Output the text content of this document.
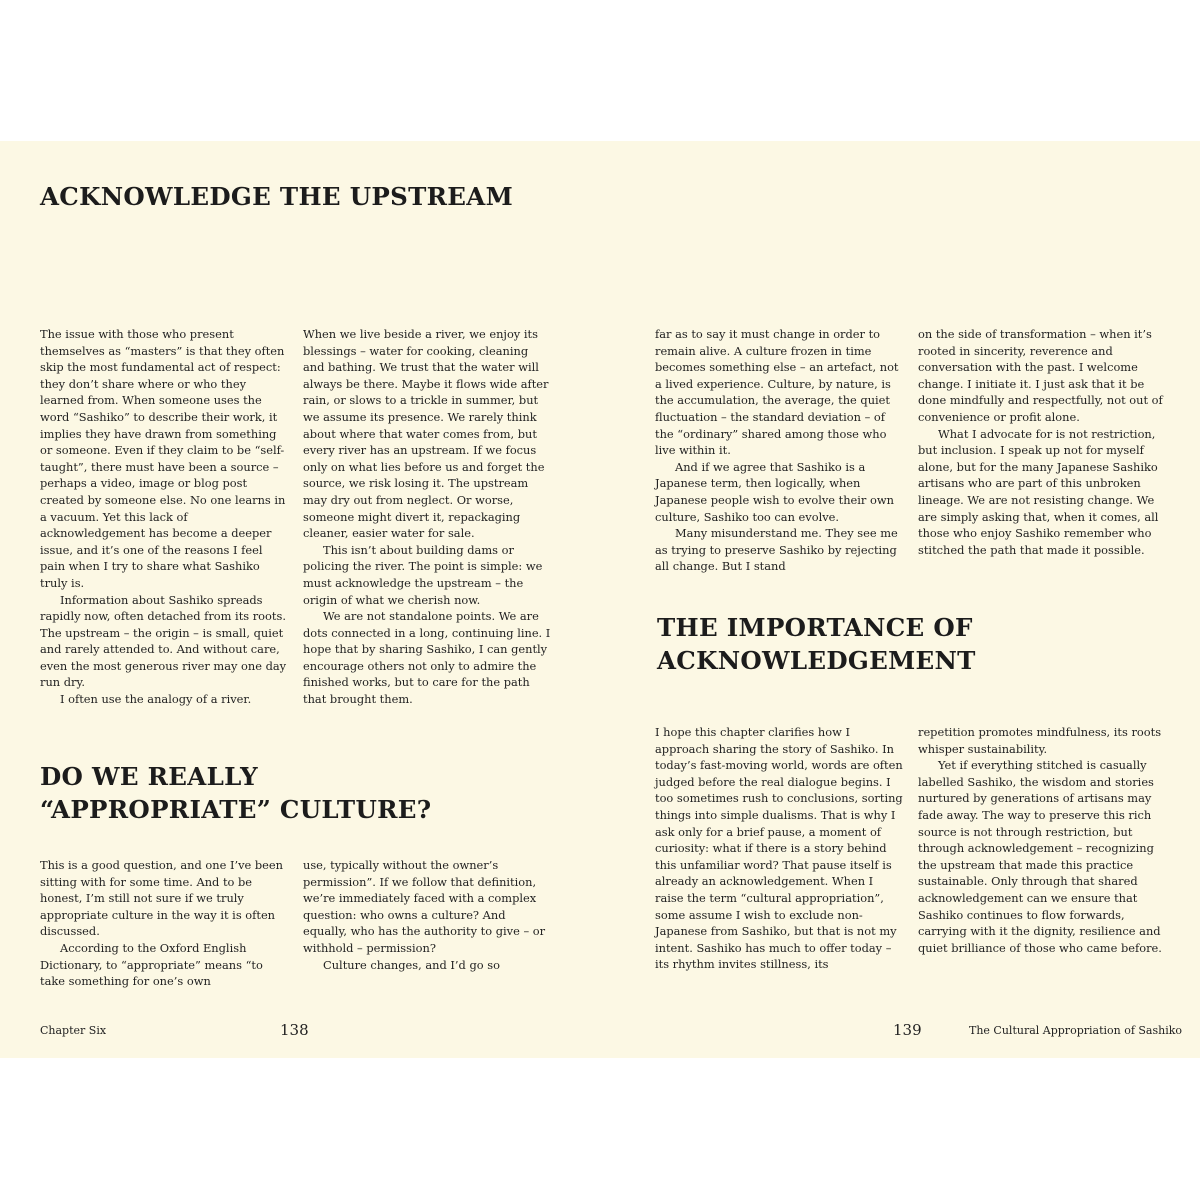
ACKNOWLEDGE THE UPSTREAM

The issue with those who present themselves as “masters” is that they often skip the most fundamental act of respect: they don’t share where or who they learned from. When someone uses the word “Sashiko” to describe their work, it implies they have drawn from something or someone. Even if they claim to be “self-taught”, there must have been a source – perhaps a video, image or blog post created by someone else. No one learns in a vacuum. Yet this lack of acknowledgement has become a deeper issue, and it’s one of the reasons I feel pain when I try to share what Sashiko truly is.

Information about Sashiko spreads rapidly now, often detached from its roots. The upstream – the origin – is small, quiet and rarely attended to. And without care, even the most generous river may one day run dry.

I often use the analogy of a river.

When we live beside a river, we enjoy its blessings – water for cooking, cleaning and bathing. We trust that the water will always be there. Maybe it flows wide after rain, or slows to a trickle in summer, but we assume its presence. We rarely think about where that water comes from, but every river has an upstream. If we focus only on what lies before us and forget the source, we risk losing it. The upstream may dry out from neglect. Or worse, someone might divert it, repackaging cleaner, easier water for sale.

This isn’t about building dams or policing the river. The point is simple: we must acknowledge the upstream – the origin of what we cherish now.

We are not standalone points. We are dots connected in a long, continuing line. I hope that by sharing Sashiko, I can gently encourage others not only to admire the finished works, but to care for the path that brought them.

DO WE REALLY
“APPROPRIATE” CULTURE?

This is a good question, and one I’ve been sitting with for some time. And to be honest, I’m still not sure if we truly appropriate culture in the way it is often discussed.

According to the Oxford English Dictionary, to “appropriate” means “to take something for one’s own

use, typically without the owner’s permission”. If we follow that definition, we’re immediately faced with a complex question: who owns a culture? And equally, who has the authority to give – or withhold – permission?

Culture changes, and I’d go so

Chapter Six	138

far as to say it must change in order to remain alive. A culture frozen in time becomes something else – an artefact, not a lived experience. Culture, by nature, is the accumulation, the average, the quiet fluctuation – the standard deviation – of the “ordinary” shared among those who live within it.

And if we agree that Sashiko is a Japanese term, then logically, when Japanese people wish to evolve their own culture, Sashiko too can evolve.

Many misunderstand me. They see me as trying to preserve Sashiko by rejecting all change. But I stand

on the side of transformation – when it’s rooted in sincerity, reverence and conversation with the past. I welcome change. I initiate it. I just ask that it be done mindfully and respectfully, not out of convenience or profit alone.

What I advocate for is not restriction, but inclusion. I speak up not for myself alone, but for the many Japanese Sashiko artisans who are part of this unbroken lineage. We are not resisting change. We are simply asking that, when it comes, all those who enjoy Sashiko remember who stitched the path that made it possible.

THE IMPORTANCE OF
ACKNOWLEDGEMENT

I hope this chapter clarifies how I approach sharing the story of Sashiko. In today’s fast-moving world, words are often judged before the real dialogue begins. I too sometimes rush to conclusions, sorting things into simple dualisms. That is why I ask only for a brief pause, a moment of curiosity: what if there is a story behind this unfamiliar word? That pause itself is already an acknowledgement. When I raise the term “cultural appropriation”, some assume I wish to exclude non-Japanese from Sashiko, but that is not my intent. Sashiko has much to offer today – its rhythm invites stillness, its

repetition promotes mindfulness, its roots whisper sustainability.

Yet if everything stitched is casually labelled Sashiko, the wisdom and stories nurtured by generations of artisans may fade away. The way to preserve this rich source is not through restriction, but through acknowledgement – recognizing the upstream that made this practice sustainable. Only through that shared acknowledgement can we ensure that Sashiko continues to flow forwards, carrying with it the dignity, resilience and quiet brilliance of those who came before.

139	The Cultural Appropriation of Sashiko
